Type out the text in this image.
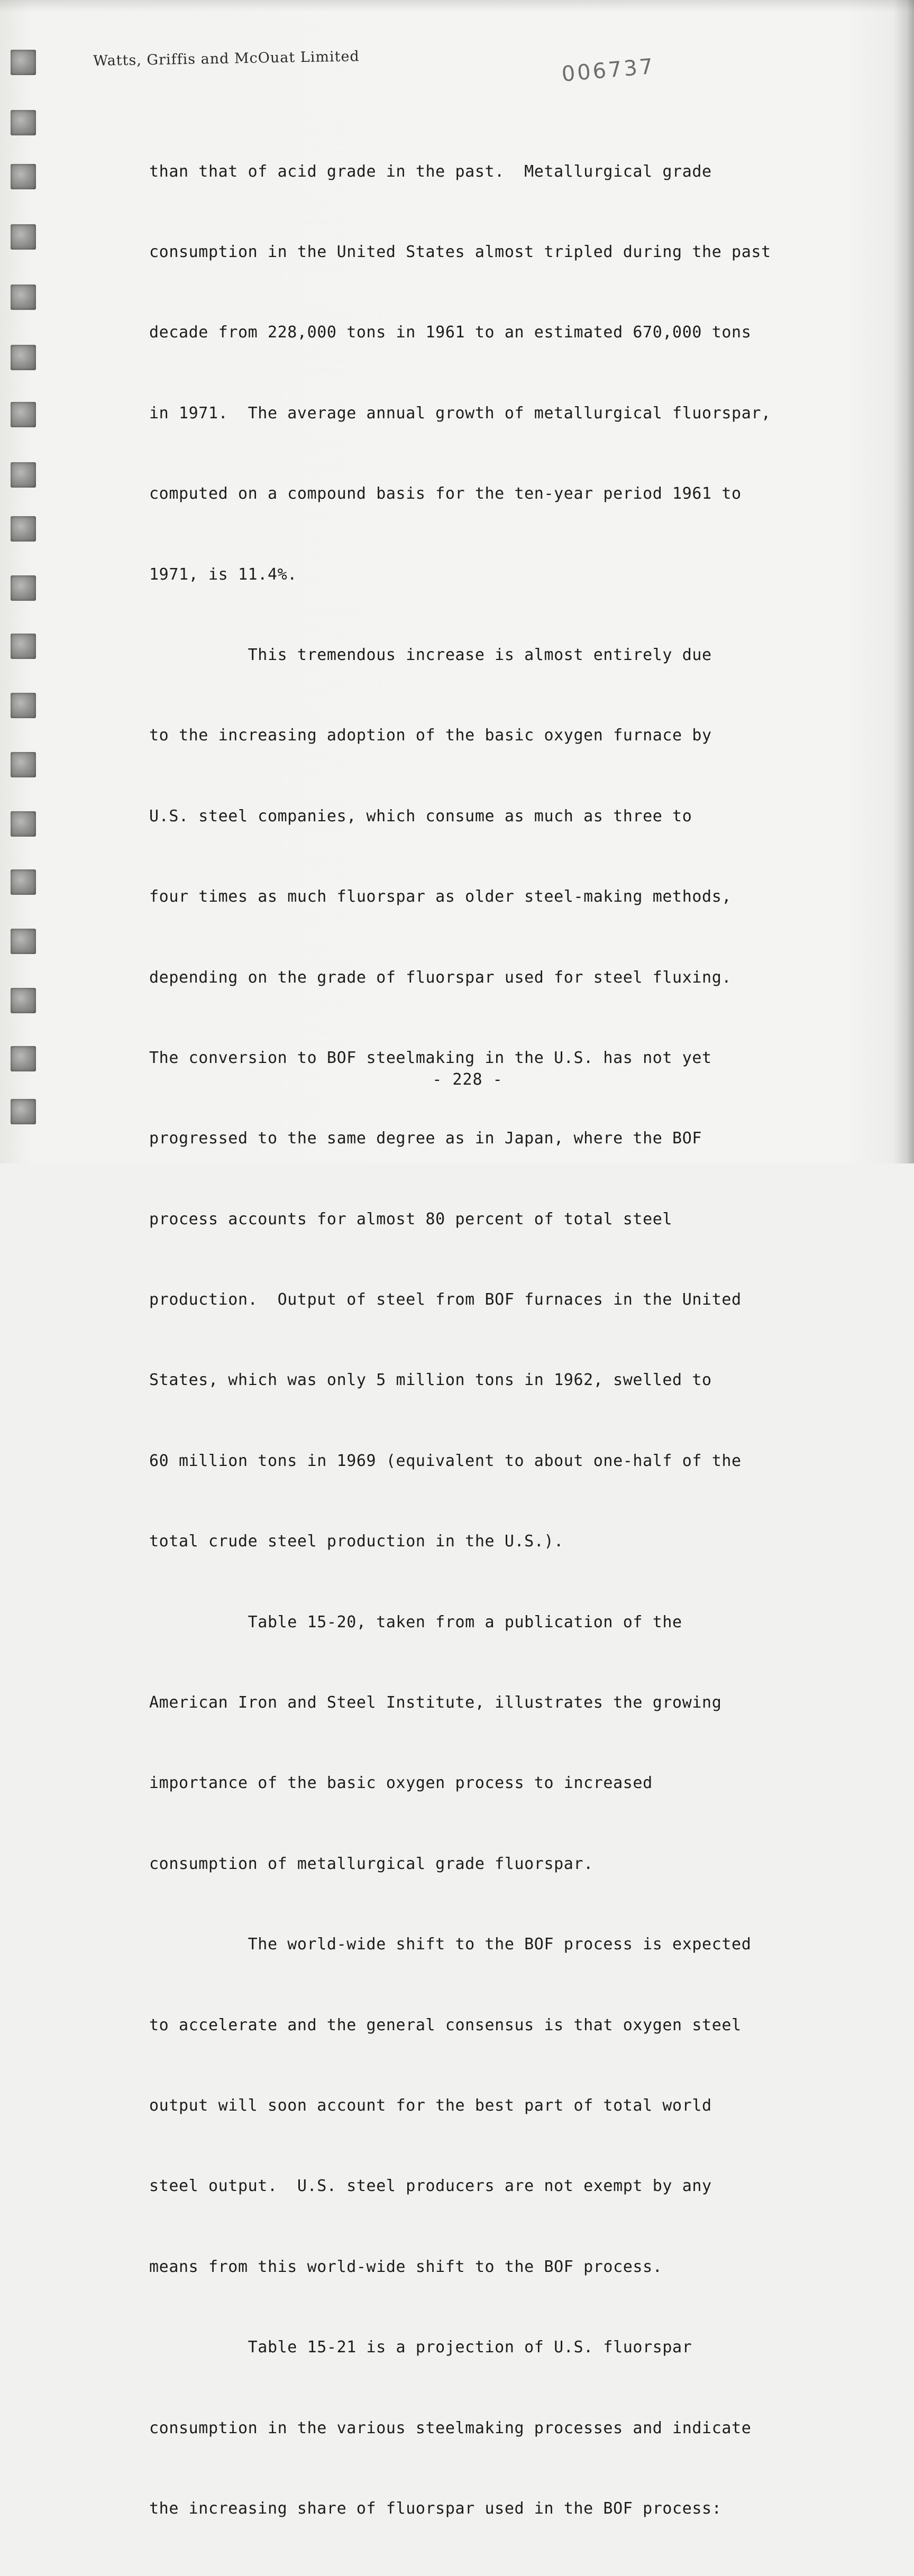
Watts, Griffis and McOuat Limited	006737

than that of acid grade in the past.  Metallurgical grade

consumption in the United States almost tripled during the past

decade from 228,000 tons in 1961 to an estimated 670,000 tons

in 1971.  The average annual growth of metallurgical fluorspar,

computed on a compound basis for the ten-year period 1961 to

1971, is 11.4%.

This tremendous increase is almost entirely due

to the increasing adoption of the basic oxygen furnace by

U.S. steel companies, which consume as much as three to

four times as much fluorspar as older steel-making methods,

depending on the grade of fluorspar used for steel fluxing.

The conversion to BOF steelmaking in the U.S. has not yet

progressed to the same degree as in Japan, where the BOF

process accounts for almost 80 percent of total steel

production.  Output of steel from BOF furnaces in the United

States, which was only 5 million tons in 1962, swelled to

60 million tons in 1969 (equivalent to about one-half of the

total crude steel production in the U.S.).

Table 15-20, taken from a publication of the

American Iron and Steel Institute, illustrates the growing

importance of the basic oxygen process to increased

consumption of metallurgical grade fluorspar.

The world-wide shift to the BOF process is expected

to accelerate and the general consensus is that oxygen steel

output will soon account for the best part of total world

steel output.  U.S. steel producers are not exempt by any

means from this world-wide shift to the BOF process.

Table 15-21 is a projection of U.S. fluorspar

consumption in the various steelmaking processes and indicate

the increasing share of fluorspar used in the BOF process:

- 228 -
